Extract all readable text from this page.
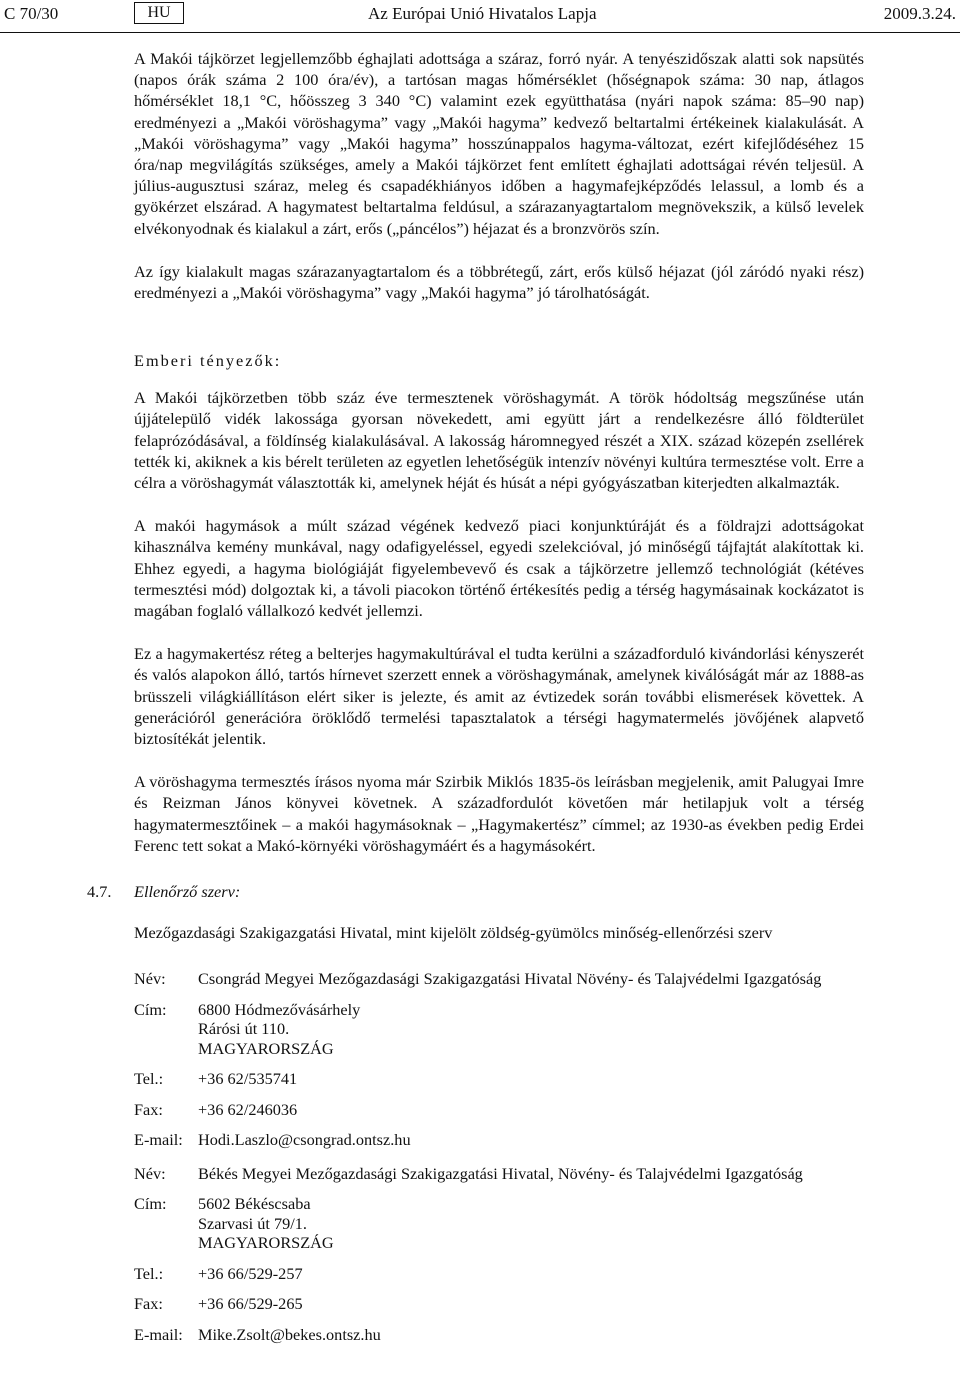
C 70/30	HU	Az Európai Unió Hivatalos Lapja	2009.3.24.

A Makói tájkörzet legjellemzőbb éghajlati adottsága a száraz, forró nyár. A tenyészidőszak alatti sok napsütés (napos órák száma 2 100 óra/év), a tartósan magas hőmérséklet (hőségnapok száma: 30 nap, átlagos hőmérséklet 18,1 °C, hőösszeg 3 340 °C) valamint ezek együtthatása (nyári napok száma: 85–90 nap) eredményezi a „Makói vöröshagyma” vagy „Makói hagyma” kedvező beltartalmi értékeinek kialakulását. A „Makói vöröshagyma” vagy „Makói hagyma” hosszúnappalos hagyma-változat, ezért kifejlődéséhez 15 óra/nap megvilágítás szükséges, amely a Makói tájkörzet fent említett éghajlati adottságai révén teljesül. A július-augusztusi száraz, meleg és csapadékhiányos időben a hagymafejképződés lelassul, a lomb és a gyökérzet elszárad. A hagymatest beltartalma feldúsul, a szárazanyagtartalom megnövekszik, a külső levelek elvékonyodnak és kialakul a zárt, erős („páncélos”) héjazat és a bronzvörös szín.

Az így kialakult magas szárazanyagtartalom és a többrétegű, zárt, erős külső héjazat (jól záródó nyaki rész) eredményezi a „Makói vöröshagyma” vagy „Makói hagyma” jó tárolhatóságát.

Emberi tényezők:

A Makói tájkörzetben több száz éve termesztenek vöröshagymát. A török hódoltság megszűnése után újjátelepülő vidék lakossága gyorsan növekedett, ami együtt járt a rendelkezésre álló földterület felaprózódásával, a földínség kialakulásával. A lakosság háromnegyed részét a XIX. század közepén zsellérek tették ki, akiknek a kis bérelt területen az egyetlen lehetőségük intenzív növényi kultúra termesztése volt. Erre a célra a vöröshagymát választották ki, amelynek héját és húsát a népi gyógyászatban kiterjedten alkalmazták.

A makói hagymások a múlt század végének kedvező piaci konjunktúráját és a földrajzi adottságokat kihasználva kemény munkával, nagy odafigyeléssel, egyedi szelekcióval, jó minőségű tájfajtát alakítottak ki. Ehhez egyedi, a hagyma biológiáját figyelembevevő és csak a tájkörzetre jellemző technológiát (kétéves termesztési mód) dolgoztak ki, a távoli piacokon történő értékesítés pedig a térség hagymásainak kockázatot is magában foglaló vállalkozó kedvét jellemzi.

Ez a hagymakertész réteg a belterjes hagymakultúrával el tudta kerülni a századforduló kivándorlási kényszerét és valós alapokon álló, tartós hírnevet szerzett ennek a vöröshagymának, amelynek kiválóságát már az 1888-as brüsszeli világkiállításon elért siker is jelezte, és amit az évtizedek során további elismerések követtek. A generációról generációra öröklődő termelési tapasztalatok a térségi hagymatermelés jövőjének alapvető biztosítékát jelentik.

A vöröshagyma termesztés írásos nyoma már Szirbik Miklós 1835-ös leírásban megjelenik, amit Palugyai Imre és Reizman János könyvei követnek. A századfordulót követően már hetilapjuk volt a térség hagymatermesztőinek – a makói hagymásoknak – „Hagymakertész” címmel; az 1930-as években pedig Erdei Ferenc tett sokat a Makó-környéki vöröshagymáért és a hagymásokért.

4.7. Ellenőrző szerv:
Mezőgazdasági Szakigazgatási Hivatal, mint kijelölt zöldség-gyümölcs minőség-ellenőrzési szerv
Név:	Csongrád Megyei Mezőgazdasági Szakigazgatási Hivatal Növény- és Talajvédelmi Igazgatóság
Cím:	6800 Hódmezővásárhely
Rárósi út 110.
MAGYARORSZÁG
Tel.:	+36 62/535741
Fax:	+36 62/246036
E-mail: Hodi.Laszlo@csongrad.ontsz.hu
Név:	Békés Megyei Mezőgazdasági Szakigazgatási Hivatal, Növény- és Talajvédelmi Igazgatóság
Cím:	5602 Békéscsaba
Szarvasi út 79/1.
MAGYARORSZÁG
Tel.:	+36 66/529-257
Fax:	+36 66/529-265
E-mail: Mike.Zsolt@bekes.ontsz.hu
